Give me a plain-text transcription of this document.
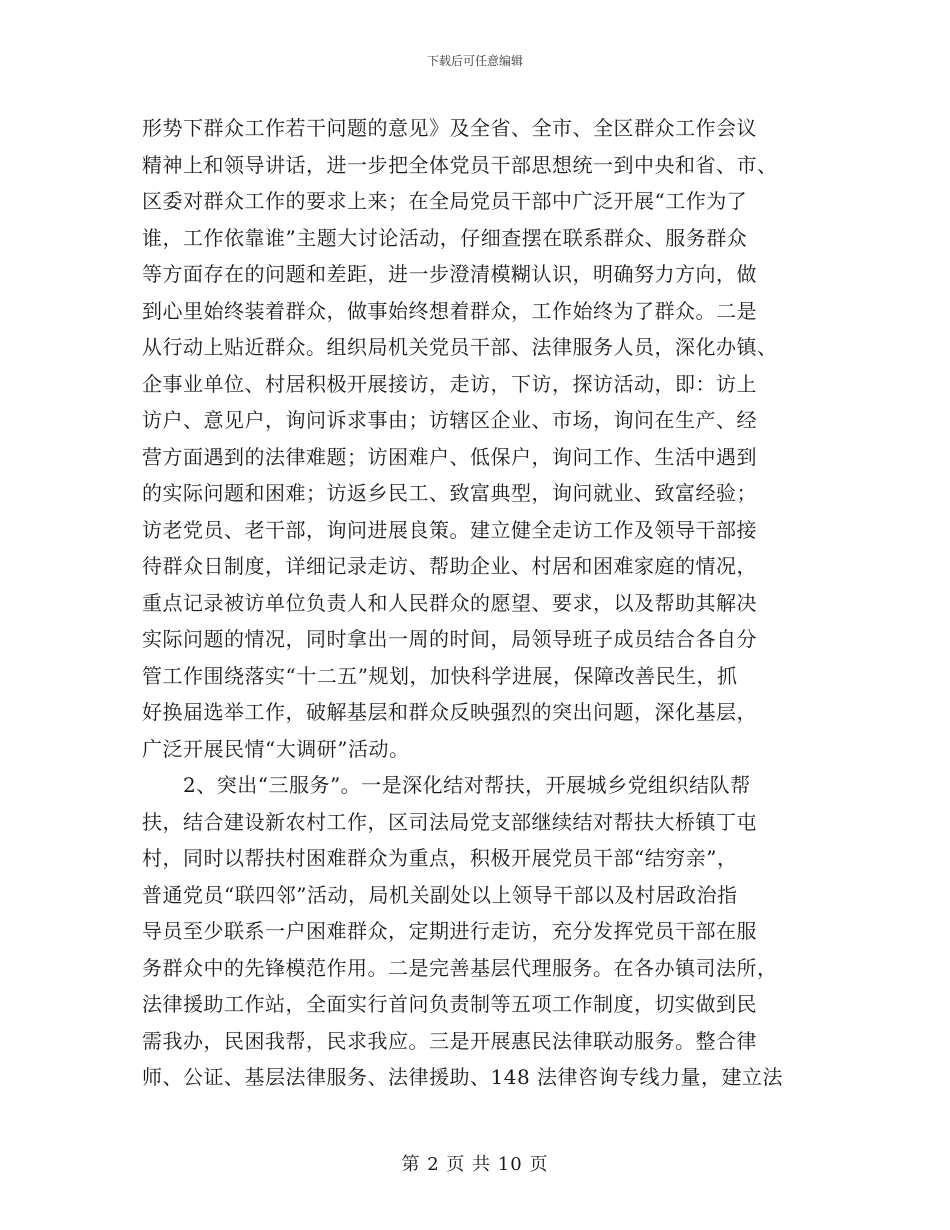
下载后可任意编辑
形势下群众工作若干问题的意见》及全省、全市、全区群众工作会议
精神上和领导讲话，进一步把全体党员干部思想统一到中央和省、市、
区委对群众工作的要求上来；在全局党员干部中广泛开展“工作为了
谁，工作依靠谁”主题大讨论活动，仔细查摆在联系群众、服务群众
等方面存在的问题和差距，进一步澄清模糊认识，明确努力方向，做
到心里始终装着群众，做事始终想着群众，工作始终为了群众。二是
从行动上贴近群众。组织局机关党员干部、法律服务人员，深化办镇、
企事业单位、村居积极开展接访，走访，下访，探访活动，即：访上
访户、意见户，询问诉求事由；访辖区企业、市场，询问在生产、经
营方面遇到的法律难题；访困难户、低保户，询问工作、生活中遇到
的实际问题和困难；访返乡民工、致富典型，询问就业、致富经验；
访老党员、老干部，询问进展良策。建立健全走访工作及领导干部接
待群众日制度，详细记录走访、帮助企业、村居和困难家庭的情况，
重点记录被访单位负责人和人民群众的愿望、要求，以及帮助其解决
实际问题的情况，同时拿出一周的时间，局领导班子成员结合各自分
管工作围绕落实“十二五”规划，加快科学进展，保障改善民生，抓
好换届选举工作，破解基层和群众反映强烈的突出问题，深化基层，
广泛开展民情“大调研”活动。
2、突出“三服务”。一是深化结对帮扶，开展城乡党组织结队帮
扶，结合建设新农村工作，区司法局党支部继续结对帮扶大桥镇丁屯
村，同时以帮扶村困难群众为重点，积极开展党员干部“结穷亲”，
普通党员“联四邻”活动，局机关副处以上领导干部以及村居政治指
导员至少联系一户困难群众，定期进行走访，充分发挥党员干部在服
务群众中的先锋模范作用。二是完善基层代理服务。在各办镇司法所，
法律援助工作站，全面实行首问负责制等五项工作制度，切实做到民
需我办，民困我帮，民求我应。三是开展惠民法律联动服务。整合律
师、公证、基层法律服务、法律援助、148 法律咨询专线力量，建立法
第 2 页 共 10 页
